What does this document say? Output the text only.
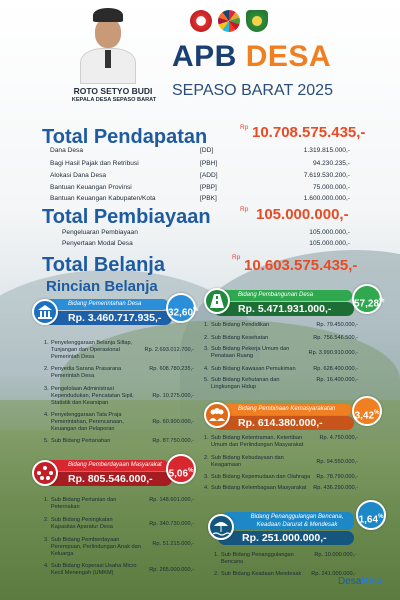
ROTO SETYO BUDI
KEPALA DESA SEPASO BARAT
APB DESA
SEPASO BARAT 2025
Total Pendapatan	Rp 10.708.575.435,-
Dana Desa	[DD]	1.319.815.000,-
Bagi Hasil Pajak dan Retribusi	[PBH]	94.230.235,-
Alokasi Dana Desa	[ADD]	7.619.530.200,-
Bantuan Keuangan Provinsi	[PBP]	75.000.000,-
Bantuan Keuangan Kabupaten/Kota	[PBK]	1.600.000.000,-
Total Pembiayaan	Rp 105.000.000,-
Pengeluaran Pembiayaan	105.000.000,-
Penyertaan Modal Desa	105.000.000,-
Total Belanja	Rp 10.603.575.435,-
Rincian Belanja
Bidang Pemerintahan Desa
Rp. 3.460.717.935,- 32,60%
1. Penyelenggaraan Belanja Siltap, Tunjangan dan Operasional Pemerintah Desa
Rp. 2.693.012.700,-
2. Penyedia Sarana Prasarana Pemerintah Desa
Rp. 608.780.235,-
3. Pengelolaan Administrasi Kependudukan, Pencatatan Sipil, Statistik dan Kearsipan
Rp. 10.275.000,-
4. Penyelenggaraan Tata Praja Pemerintahan, Perencanaan, Keuangan dan Pelaporan
Rp. 60.900.000,-
5. Sub Bidang Pertanahan	Rp. 87.750.000,-
Bidang Pembangunan Desa
Rp. 5.471.931.000,-	57,28%
1. Sub Bidang Pendidikan	Rp. 79.450.000,-
2. Sub Bidang Kesehatan	Rp. 756.546.500,-
3. Sub Bidang Pekerja Umum dan Penataan Ruang	Rp. 3.990.910.000,-
4. Sub Bidang Kawasan Pemukiman	Rp. 628.400.000,-
5. Sub Bidang Kehutanan dan Lingkungan Hidup
Rp. 16.400.000,-
Bidang Pembinaan Kemasyarakatan
Rp. 614.380.000,-
3,42%
1. Sub Bidang Ketentraman, Ketertiban Umum dan Perlindungan Masyarakat
Rp. 4.750.000,-
2. Sub Bidang Kebudayaan dan Keagamaan	Rp. 94.550.000,-
3. Sub Bidang Kepemudaan dan Olahraga Rp. 78.790.000,-
4. Sub Bidang Kelembagaan Masyarakat Rp. 436.290.000,-
Bidang Pemberdayaan Masyarakat
Rp. 805.546.000,-	5,06%
1. Sub Bidang Pertanian dan Peternakan
Rp. 148.601.000,-
2. Sub Bidang Peningkatan Kapasitas Aparatur Desa	Rp. 340.730.000,-
3. Sub Bidang Pemberdayaan Perempuan, Perlindungan Anak dan Keluarga
Rp. 51.215.000,-
4. Sub Bidang Koperasi Usaha Micro Kecil Menengah (UMKM)	Rp. 265.000.000,-
Bidang Penanggulangan Bencana,
Keadaan Darurat & Mendesak
Rp. 251.000.000,-
1,64%
1. Sub Bidang Penanggulangan Bencana
Rp. 10.000.000,-
2. Sub Bidang Keadaan Mendesak Rp. 241.000.000,-
DesaBisa
